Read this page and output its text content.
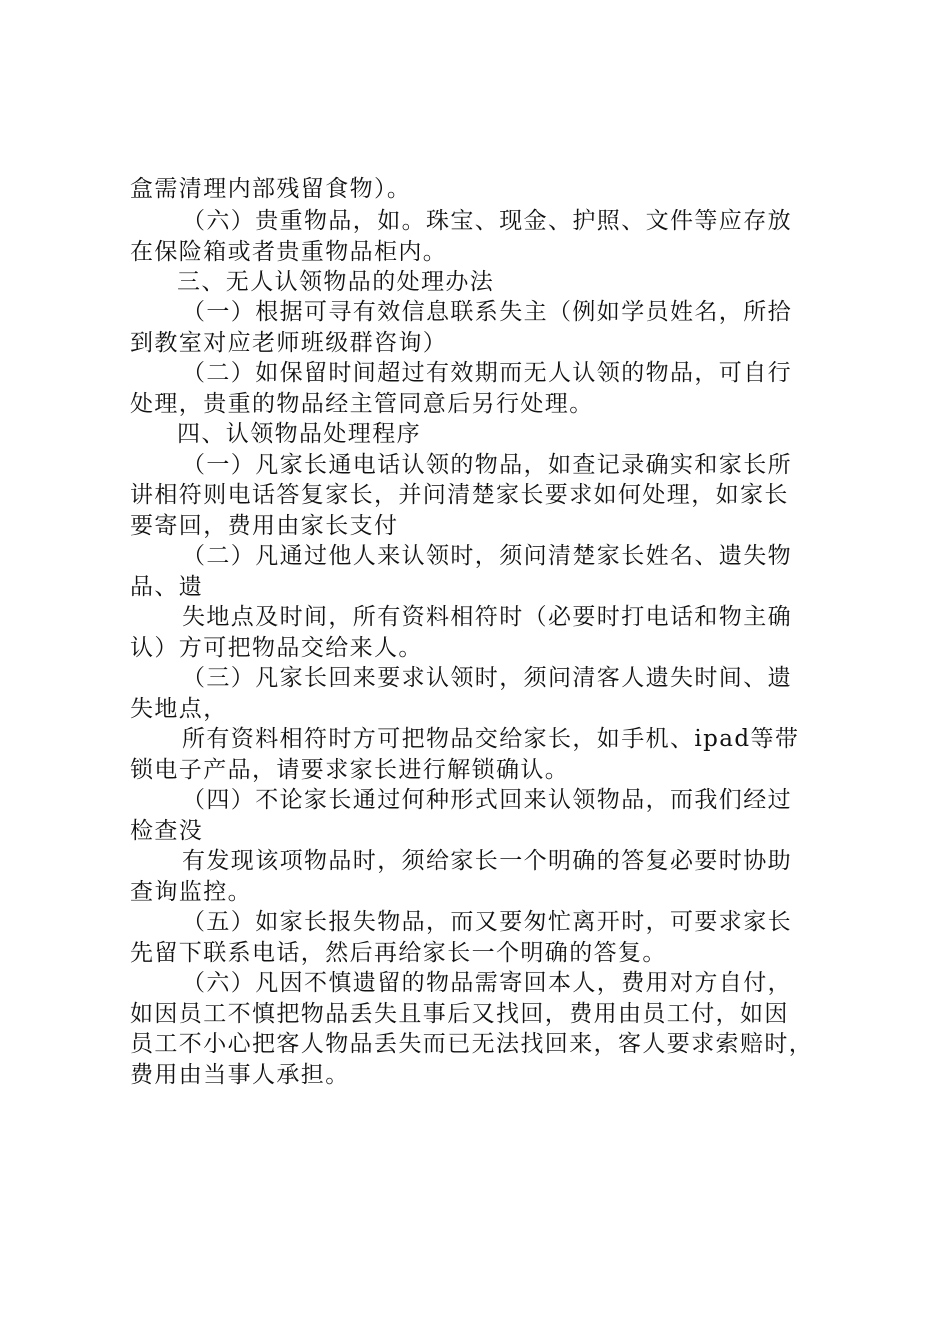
盒需清理内部残留食物）。
（六）贵重物品，如。珠宝、现金、护照、文件等应存放
在保险箱或者贵重物品柜内。
三、无人认领物品的处理办法
（一）根据可寻有效信息联系失主（例如学员姓名，所拾
到教室对应老师班级群咨询）
（二）如保留时间超过有效期而无人认领的物品，可自行
处理，贵重的物品经主管同意后另行处理。
四、认领物品处理程序
（一）凡家长通电话认领的物品，如查记录确实和家长所
讲相符则电话答复家长，并问清楚家长要求如何处理，如家长
要寄回，费用由家长支付
（二）凡通过他人来认领时，须问清楚家长姓名、遗失物
品、遗
失地点及时间，所有资料相符时（必要时打电话和物主确
认）方可把物品交给来人。
（三）凡家长回来要求认领时，须问清客人遗失时间、遗
失地点，
所有资料相符时方可把物品交给家长，如手机、ipad等带
锁电子产品，请要求家长进行解锁确认。
（四）不论家长通过何种形式回来认领物品，而我们经过
检查没
有发现该项物品时，须给家长一个明确的答复必要时协助
查询监控。
（五）如家长报失物品，而又要匆忙离开时，可要求家长
先留下联系电话，然后再给家长一个明确的答复。
（六）凡因不慎遗留的物品需寄回本人，费用对方自付，
如因员工不慎把物品丢失且事后又找回，费用由员工付，如因
员工不小心把客人物品丢失而已无法找回来，客人要求索赔时，
费用由当事人承担。
